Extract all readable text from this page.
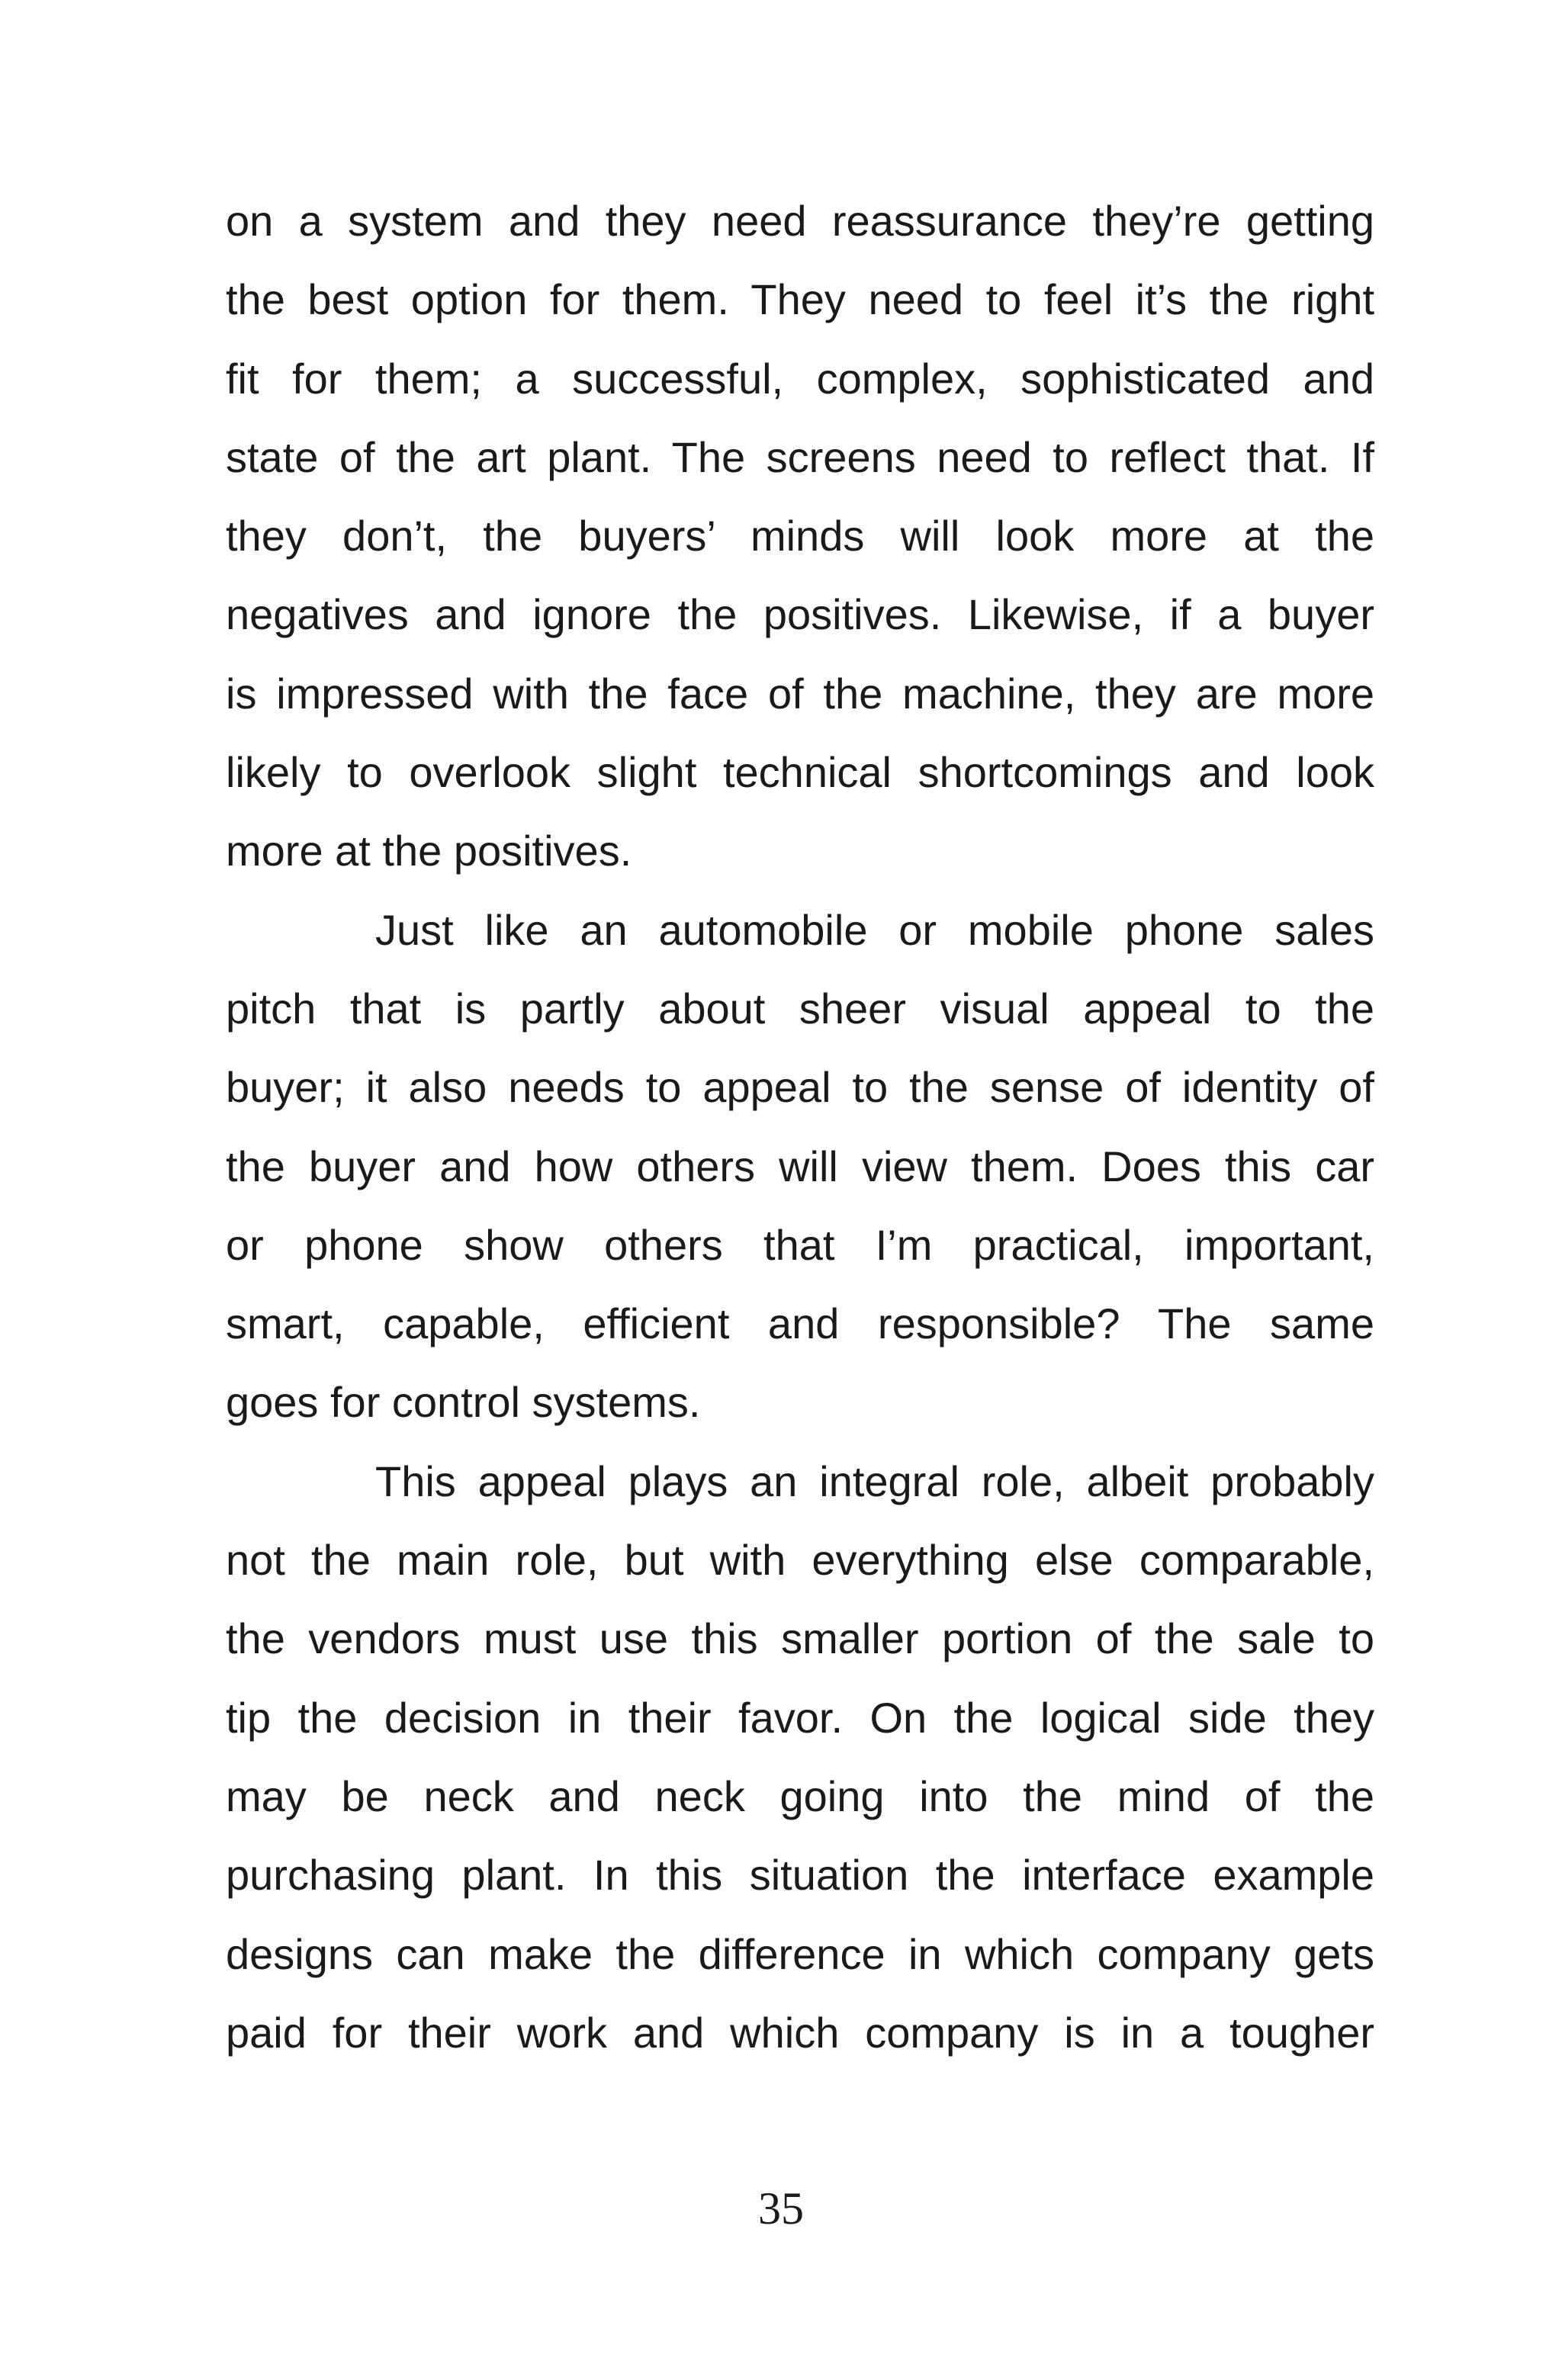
on a system and they need reassurance they’re getting
the best option for them. They need to feel it’s the right
fit for them; a successful, complex, sophisticated and
state of the art plant. The screens need to reflect that. If
they don’t, the buyers’ minds will look more at the
negatives and ignore the positives. Likewise, if a buyer
is impressed with the face of the machine, they are more
likely to overlook slight technical shortcomings and look
more at the positives.
Just like an automobile or mobile phone sales
pitch that is partly about sheer visual appeal to the
buyer; it also needs to appeal to the sense of identity of
the buyer and how others will view them. Does this car
or phone show others that I’m practical, important,
smart, capable, efficient and responsible? The same
goes for control systems.
This appeal plays an integral role, albeit probably
not the main role, but with everything else comparable,
the vendors must use this smaller portion of the sale to
tip the decision in their favor. On the logical side they
may be neck and neck going into the mind of the
purchasing plant. In this situation the interface example
designs can make the difference in which company gets
paid for their work and which company is in a tougher
35
